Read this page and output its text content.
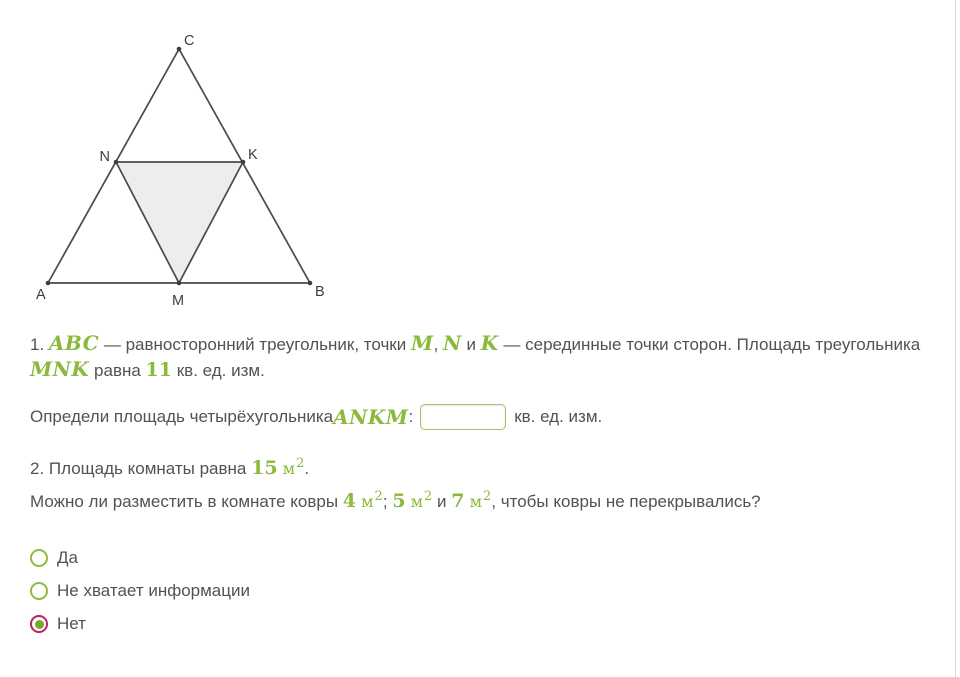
C
N	K
A	M
B
1. ABC — равносторонний треугольник, точки M, N и K — серединные точки сторон. Площадь треугольника
MNK равна 11 кв. ед. изм.
Определи площадь четырёхугольника ANKM :	кв. ед. изм.
2. Площадь комнаты равна 15 $м^2$.
Можно ли разместить в комнате ковры 4 $м^2$; 5 $м^2$ и 7 $м^2$, чтобы ковры не перекрывались?
Да
Не хватает информации
Нет
